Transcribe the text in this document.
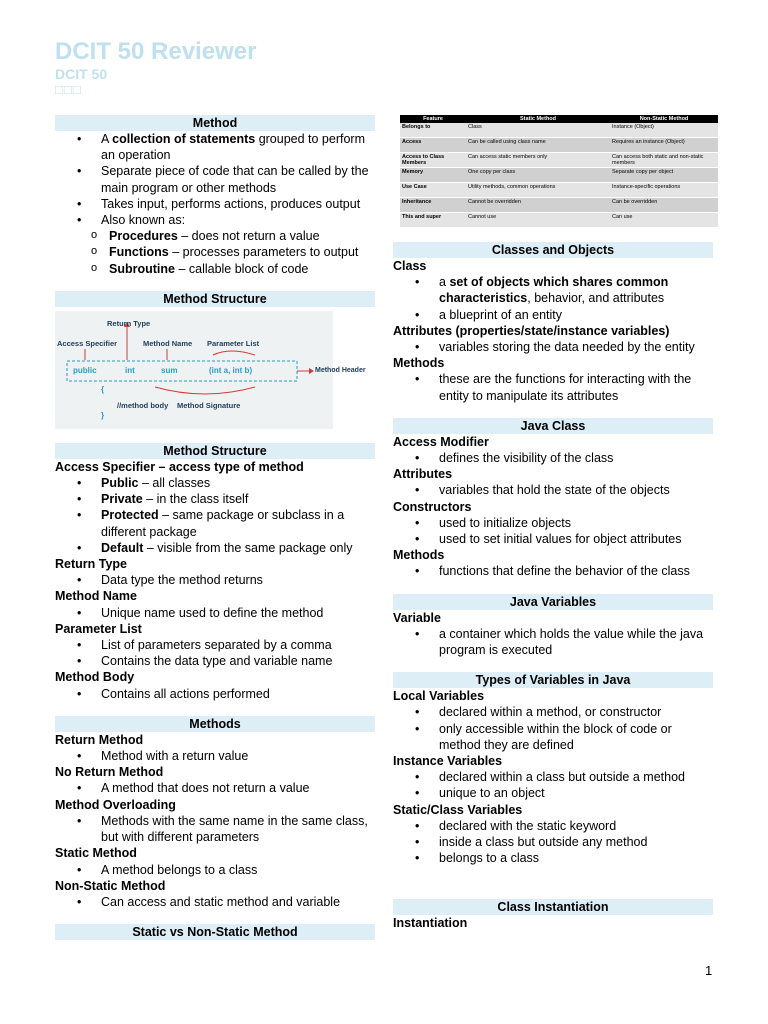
DCIT 50 Reviewer
DCIT 50
□□□
Method
• A collection of statements grouped to perform an operation
• Separate piece of code that can be called by the main program or other methods
• Takes input, performs actions, produces output
• Also known as:
o Procedures – does not return a value
o Functions – processes parameters to output
o Subroutine – callable block of code
Method Structure
Return Type
Access Specifier	Method Name Parameter List
public	int	sum	(int a, int b)	Method Header
{
//method body Method Signature
}
Method Structure
Access Specifier – access type of method
• Public – all classes
• Private – in the class itself
• Protected – same package or subclass in a different package
• Default – visible from the same package only
Return Type
• Data type the method returns
Method Name
• Unique name used to define the method
Parameter List
• List of parameters separated by a comma
• Contains the data type and variable name
Method Body
• Contains all actions performed
Methods
Return Method
• Method with a return value
No Return Method
• A method that does not return a value
Method Overloading
• Methods with the same name in the same class, but with different parameters
Static Method
• A method belongs to a class
Non-Static Method
• Can access and static method and variable
Static vs Non-Static Method
Feature	Static Method	Non-Static Method
Belongs to	Class	Instance (Object)
Access	Can be called using class name	Requires an instance (Object)
Access to Class Members	Can access static members only	Can access both static and non-static members
Memory	One copy per class	Separate copy per object
Use Case	Utility methods, common operations	Instance-specific operations
Inheritance	Cannot be overridden	Can be overridden
This and super	Cannot use	Can use
Classes and Objects
Class
• a set of objects which shares common characteristics, behavior, and attributes
• a blueprint of an entity
Attributes (properties/state/instance variables)
• variables storing the data needed by the entity
Methods
• these are the functions for interacting with the entity to manipulate its attributes
Java Class
Access Modifier
• defines the visibility of the class
Attributes
• variables that hold the state of the objects
Constructors
• used to initialize objects
• used to set initial values for object attributes
Methods
• functions that define the behavior of the class
Java Variables
Variable
• a container which holds the value while the java program is executed
Types of Variables in Java
Local Variables
• declared within a method, or constructor
• only accessible within the block of code or method they are defined
Instance Variables
• declared within a class but outside a method
• unique to an object
Static/Class Variables
• declared with the static keyword
• inside a class but outside any method
• belongs to a class
Class Instantiation
Instantiation
1
